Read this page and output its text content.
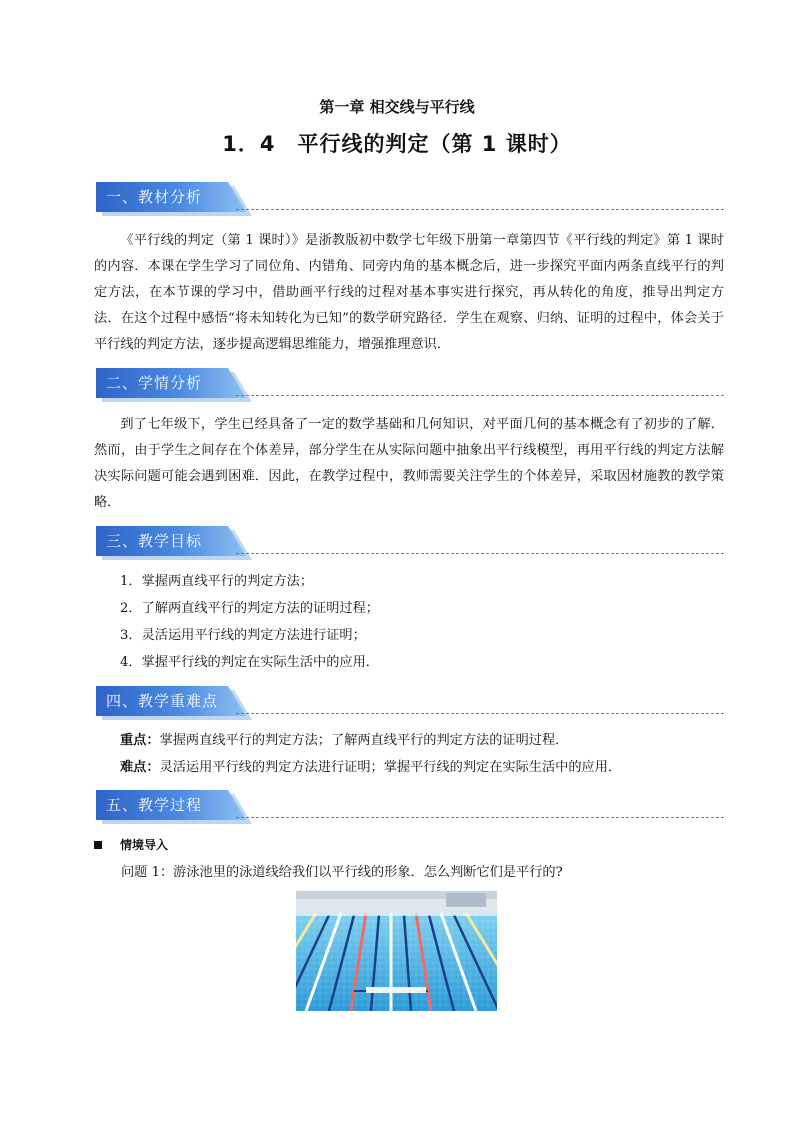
第一章 相交线与平行线
1．4　平行线的判定（第 1 课时）
一、教材分析

《平行线的判定（第 1 课时）》是浙教版初中数学七年级下册第一章第四节《平行线的判定》第 1 课时的内容．本课在学生学习了同位角、内错角、同旁内角的基本概念后，进一步探究平面内两条直线平行的判定方法，在本节课的学习中，借助画平行线的过程对基本事实进行探究，再从转化的角度，推导出判定方法．在这个过程中感悟“将未知转化为已知”的数学研究路径．学生在观察、归纳、证明的过程中，体会关于平行线的判定方法，逐步提高逻辑思维能力，增强推理意识．

二、学情分析

到了七年级下，学生已经具备了一定的数学基础和几何知识，对平面几何的基本概念有了初步的了解．然而，由于学生之间存在个体差异，部分学生在从实际问题中抽象出平行线模型，再用平行线的判定方法解决实际问题可能会遇到困难．因此，在教学过程中，教师需要关注学生的个体差异，采取因材施教的教学策略．

三、教学目标
1．掌握两直线平行的判定方法；
2．了解两直线平行的判定方法的证明过程；
3．灵活运用平行线的判定方法进行证明；
4．掌握平行线的判定在实际生活中的应用．
四、教学重难点
重点：掌握两直线平行的判定方法；了解两直线平行的判定方法的证明过程．
难点：灵活运用平行线的判定方法进行证明；掌握平行线的判定在实际生活中的应用．
五、教学过程
情境导入
问题 1：游泳池里的泳道线给我们以平行线的形象．怎么判断它们是平行的?
